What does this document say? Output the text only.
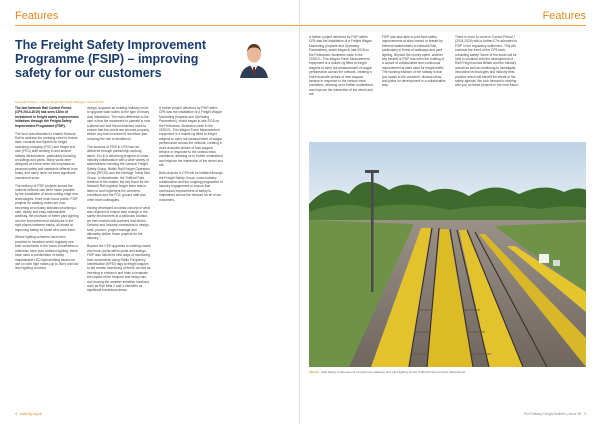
Features
The Freight Safety Improvement Programme (FSIP) – improving safety for our customers
Kenneth Parham – Senior Regional Freight Manager, Network Rail

The last Network Rail Control Period (CP5 2014-2019) has seen £20m of investment in freight safety improvement initiatives through the Freight Safety Improvement Programme (FSIP).

The fund was allocated to enable Network Rail to address the pressing need to reduce risks, hazards and injuries for freight operating company (FOC) and freight end user (FEU) staff working in and around railway infrastructure, particularly focusing on sidings and yards. Many yards were designed at a time when the emphasis on personal safety and standards differed from today, and many have not seen significant investment since.

The delivery of FSIP projects across the national network has been made possible by the installation of some cutting-edge new technologies, three main focus points: FSIP projects for walking routes are now becoming an industry standard providing a safe, sturdy and easy-maintainable walkway, the provision of better yard lighting and the improvement of structures in the right places between tracks, all aimed at improving safety for those who work there.

Where lighting schemes have been provided to locations which regularly see train movements in the hours of darkness or otherwise have poor ambient lighting, these have used a combination of easily maintainable LED light-emitting diodes for use on both high masts (up to 36m) and low level lighting columns.

design, supports an existing industry move to upgrade walk routes to the type of heavy duty installation. The main difference to the user is that the movement to operate is now a lateral one and the mechanism locks to ensure that the points are secured properly before any train movement, therefore also reducing the risk of derailment.

The success of FSIP in CP5 has not delivered through partnership working alone. It is in a delivering program of cross-industry collaboration with a wide variety of stakeholders including the national Freight Safety Group, British Rail Freight Operators Group (RFOG) and the Heritage Trains Rail Group. In Manchester, the Trafford Park terminal of the cluster, the key focus for the Network Rail regional freight team was to listen to and implement the concerns, conditions and the FOC ground staff and other team colleagues.

Having developed an ideas concept of what was required to ensure step change in the safety environment at a particular location, we then worked with partners that Works Delivery and Industry contractors to design, fund, procure, project manage and ultimately deliver these projects for the industry.

Beyond the CP5 upgrades to existing routes and more points within yards and sidings, FSIP also delivered new ways of monitoring train movements using Radio Frequency Identification (RFID) tags to freight wagons to aid remote monitoring of fleets, as well as investing in research and trials to evaluate the impact of the frequent and heavy rain, and moving the weather sensitive locations such as Rye Mills 2 and 3 identified as significant hazardous areas.

A further project delivered by FSIP within CP5 was the installation of a Freight Wagon Monitoring (Impacts and Operating Parameters), which began in late 2018 on the Felixstowe–Nuneaton route in the 2020/21. This Wagon Force Measurement equipment is a mobile rig fitted to freight wagons to carry out measurement of wagon performance across the network, creating a more accurate picture of how wagons behave in response to the various track conditions, allowing us to further understand and improve the interaction of the wheel and rail.

Both projects in CP6 will be initiated through the Freight Safety Group, cross-industry collaboration and the ongoing programme of industry engagement to ensure that continuous improvement of safety is maintained across the network for all of our customers.

4 www.rfg.org.uk
Features

A further project delivered by FSIP within CP5 was the installation of a Freight Wagon Monitoring (Impacts and Operating Parameters), which began in late 2018 on the Felixstowe–Nuneaton route in the 2020/21. This Wagon Force Measurement equipment is a mobile rig fitted to freight wagons to carry out measurement of wagon performance across the network, creating a more accurate picture of how wagons behave in response to the various track conditions, allowing us to further understand and improve the interaction of the wheel and rail.

FSIP was also able to part-fund safety improvements at sites owned or leased by external stakeholders to Network Rail, particularly in terms of walkways and yard lighting. Beyond the money spent, another key benefit of FSIP has been the crafting of a culture of collaborative and continuous improvement at sites used for freight traffic. The working tradition of the railway is that you speak to the customer, discuss ideas and plans for development in a collaborative way.

There is more to come in Control Period 7 (2024-2029) with a further £7m allocated to FSIP in the regulatory settlement. This will continue the trend of the CP5 work, rebuilding safety. Some of the funds will be held to continue with the development of Rail Freight across Britain and the industry overall as well as continuing to investigate innovative technologies and industry best practice which will benefit the whole of the safety agenda. We look forward to working with you on these projects in the near future.

The Railway Freight Bulletin | Issue 95 5
Above: Rail Safety Improvement Programme walkway and yard lighting at the Trafford Park terminal, Manchester.
